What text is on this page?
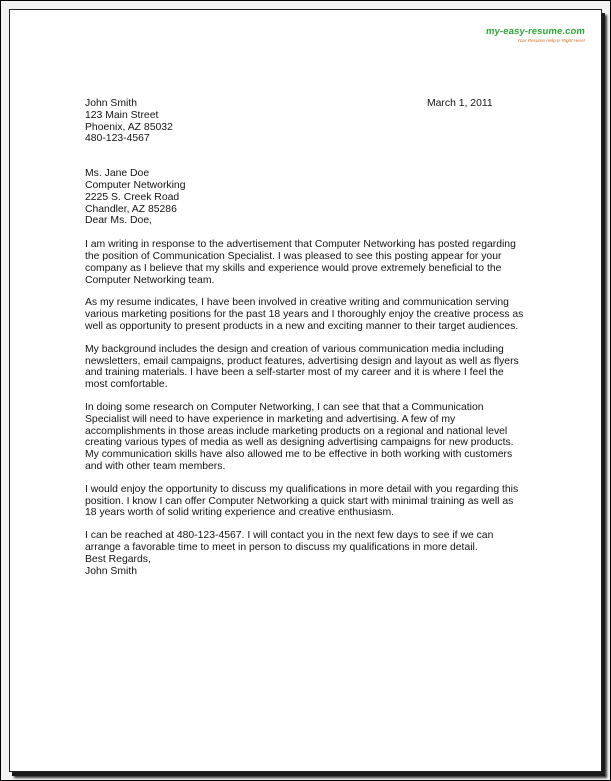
my-easy-resume.com
Your Resume Help Is Right Here!
March 1, 2011
John Smith
123 Main Street
Phoenix, AZ 85032
480-123-4567
Ms. Jane Doe
Computer Networking
2225 S. Creek Road
Chandler, AZ 85286

Dear Ms. Doe,

I am writing in response to the advertisement that Computer Networking has posted regarding
the position of Communication Specialist. I was pleased to see this posting appear for your
company as I believe that my skills and experience would prove extremely beneficial to the
Computer Networking team.
As my resume indicates, I have been involved in creative writing and communication serving
various marketing positions for the past 18 years and I thoroughly enjoy the creative process as
well as opportunity to present products in a new and exciting manner to their target audiences.
My background includes the design and creation of various communication media including
newsletters, email campaigns, product features, advertising design and layout as well as flyers
and training materials. I have been a self-starter most of my career and it is where I feel the
most comfortable.
In doing some research on Computer Networking, I can see that that a Communication
Specialist will need to have experience in marketing and advertising. A few of my
accomplishments in those areas include marketing products on a regional and national level
creating various types of media as well as designing advertising campaigns for new products.
My communication skills have also allowed me to be effective in both working with customers
and with other team members.
I would enjoy the opportunity to discuss my qualifications in more detail with you regarding this
position. I know I can offer Computer Networking a quick start with minimal training as well as
18 years worth of solid writing experience and creative enthusiasm.
I can be reached at 480-123-4567. I will contact you in the next few days to see if we can
arrange a favorable time to meet in person to discuss my qualifications in more detail.

Best Regards,

John Smith
